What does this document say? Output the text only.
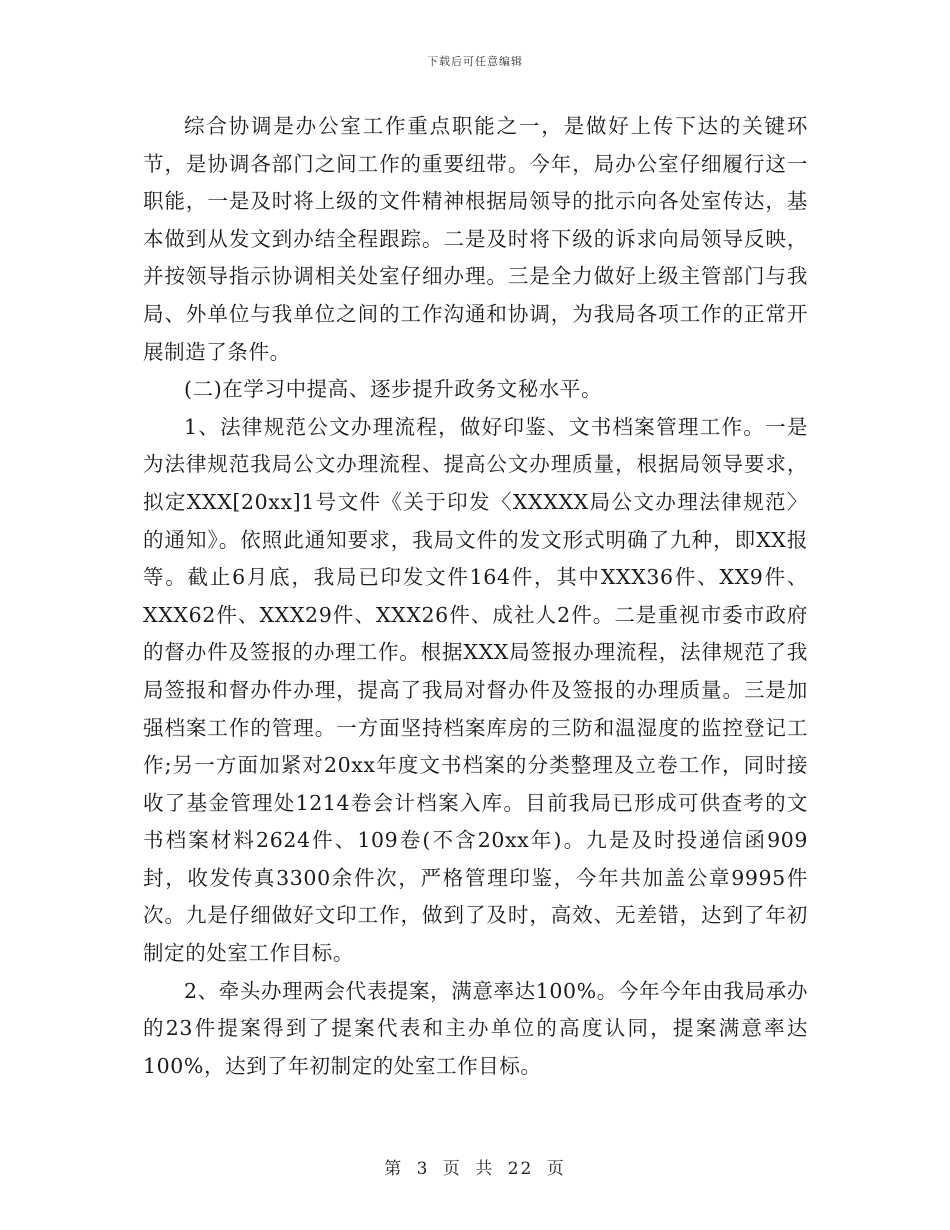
下载后可任意编辑

综合协调是办公室工作重点职能之一，是做好上传下达的关键环节，是协调各部门之间工作的重要纽带。今年，局办公室仔细履行这一职能，一是及时将上级的文件精神根据局领导的批示向各处室传达，基本做到从发文到办结全程跟踪。二是及时将下级的诉求向局领导反映，并按领导指示协调相关处室仔细办理。三是全力做好上级主管部门与我局、外单位与我单位之间的工作沟通和协调，为我局各项工作的正常开展制造了条件。

(二)在学习中提高、逐步提升政务文秘水平。

1、法律规范公文办理流程，做好印鉴、文书档案管理工作。一是为法律规范我局公文办理流程、提高公文办理质量，根据局领导要求，拟定XXX[20xx]1号文件《关于印发〈XXXXX局公文办理法律规范〉的通知》。依照此通知要求，我局文件的发文形式明确了九种，即XX报等。截止6月底，我局已印发文件164件，其中XXX36件、XX9件、XXX62件、XXX29件、XXX26件、成社人2件。二是重视市委市政府的督办件及签报的办理工作。根据XXX局签报办理流程，法律规范了我局签报和督办件办理，提高了我局对督办件及签报的办理质量。三是加强档案工作的管理。一方面坚持档案库房的三防和温湿度的监控登记工作;另一方面加紧对20xx年度文书档案的分类整理及立卷工作，同时接收了基金管理处1214卷会计档案入库。目前我局已形成可供查考的文书档案材料2624件、109卷(不含20xx年)。九是及时投递信函909封，收发传真3300余件次，严格管理印鉴，今年共加盖公章9995件次。九是仔细做好文印工作，做到了及时，高效、无差错，达到了年初制定的处室工作目标。

2、牵头办理两会代表提案，满意率达100%。今年今年由我局承办的23件提案得到了提案代表和主办单位的高度认同，提案满意率达100%，达到了年初制定的处室工作目标。

第 3 页 共 22 页
